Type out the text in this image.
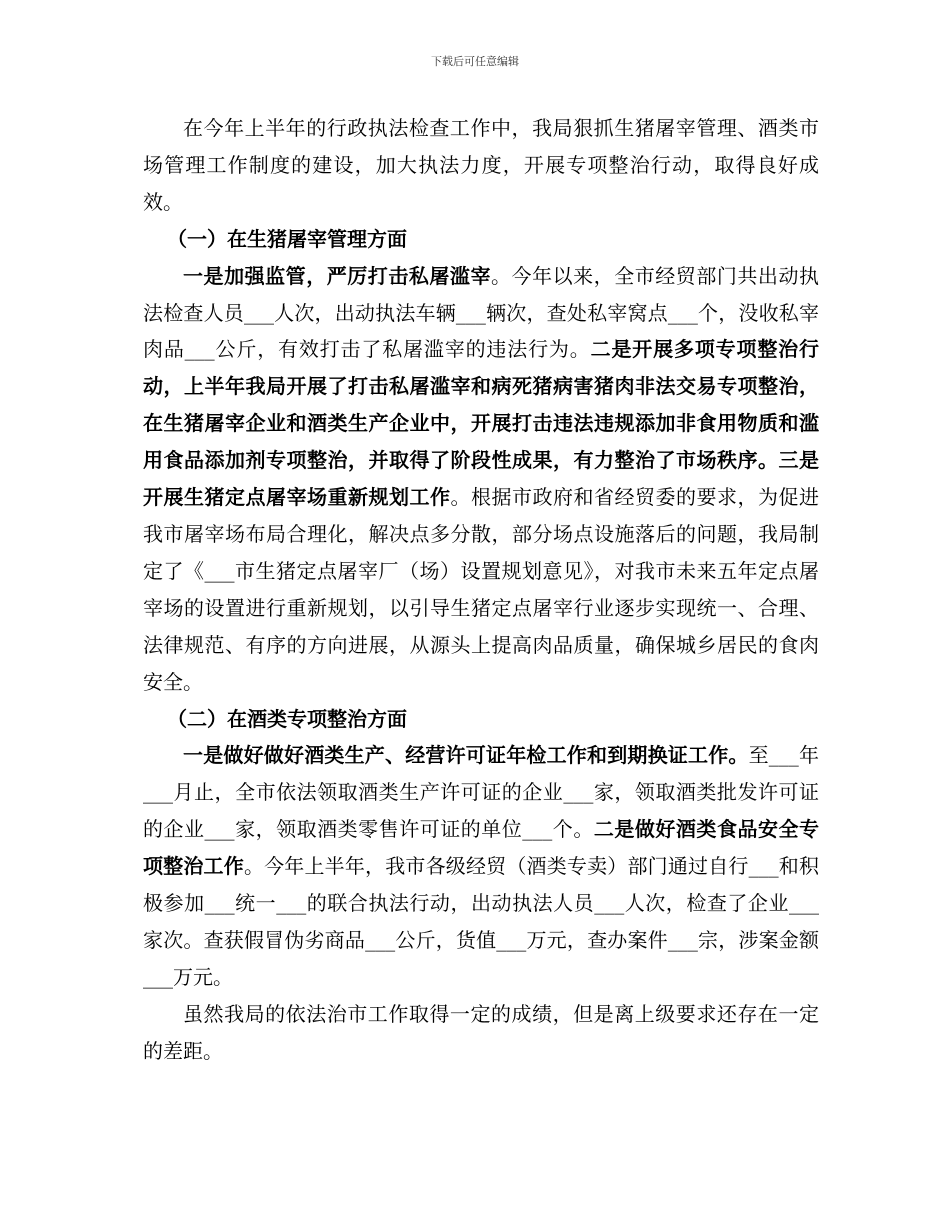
下载后可任意编辑

在今年上半年的行政执法检查工作中，我局狠抓生猪屠宰管理、酒类市场管理工作制度的建设，加大执法力度，开展专项整治行动，取得良好成效。

（一）在生猪屠宰管理方面

一是加强监管，严厉打击私屠滥宰。今年以来，全市经贸部门共出动执法检查人员___人次，出动执法车辆___辆次，查处私宰窝点___个，没收私宰肉品___公斤，有效打击了私屠滥宰的违法行为。二是开展多项专项整治行动，上半年我局开展了打击私屠滥宰和病死猪病害猪肉非法交易专项整治，在生猪屠宰企业和酒类生产企业中，开展打击违法违规添加非食用物质和滥用食品添加剂专项整治，并取得了阶段性成果，有力整治了市场秩序。三是开展生猪定点屠宰场重新规划工作。根据市政府和省经贸委的要求，为促进我市屠宰场布局合理化，解决点多分散，部分场点设施落后的问题，我局制定了《___市生猪定点屠宰厂（场）设置规划意见》，对我市未来五年定点屠宰场的设置进行重新规划，以引导生猪定点屠宰行业逐步实现统一、合理、法律规范、有序的方向进展，从源头上提高肉品质量，确保城乡居民的食肉安全。

（二）在酒类专项整治方面

一是做好做好酒类生产、经营许可证年检工作和到期换证工作。至___年___月止，全市依法领取酒类生产许可证的企业___家，领取酒类批发许可证的企业___家，领取酒类零售许可证的单位___个。二是做好酒类食品安全专项整治工作。今年上半年，我市各级经贸（酒类专卖）部门通过自行___和积极参加___统一___的联合执法行动，出动执法人员___人次，检查了企业___家次。查获假冒伪劣商品___公斤，货值___万元，查办案件___宗，涉案金额___万元。

虽然我局的依法治市工作取得一定的成绩，但是离上级要求还存在一定的差距。
